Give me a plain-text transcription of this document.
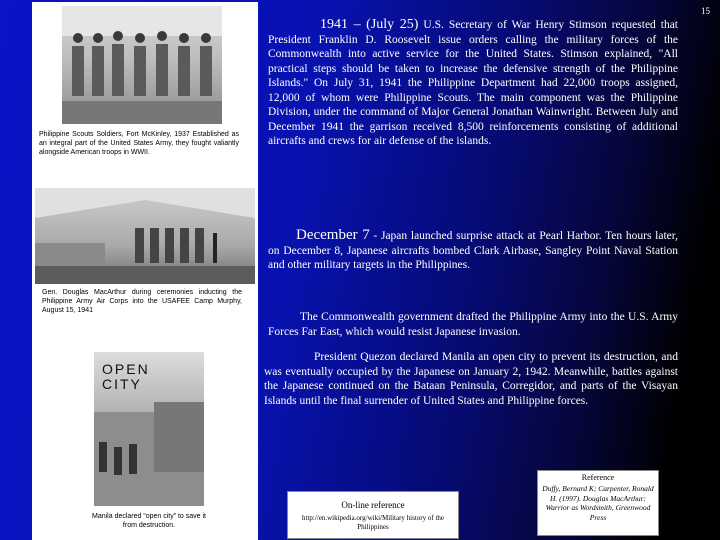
15
Philippine Scouts Soldiers, Fort McKinley, 1937 Established as an integral part of the United States Army, they fought valiantly alongside American troops in WWII.
Gen. Douglas MacArthur during ceremonies inducting the Philippine Army Air Corps into the USAFEE Camp Murphy, August 15, 1941
OPEN CITY
Manila declared “open city” to save it from destruction.
1941 – (July 25) U.S. Secretary of War Henry Stimson requested that President Franklin D. Roosevelt issue orders calling the military forces of the Commonwealth into active service for the United States. Stimson explained, "All practical steps should be taken to increase the defensive strength of the Philippine Islands." On July 31, 1941 the Philippine Department had 22,000 troops assigned, 12,000 of whom were Philippine Scouts. The main component was the Philippine Division, under the command of Major General Jonathan Wainwright. Between July and December 1941 the garrison received 8,500 reinforcements consisting of additional aircrafts and crews for air defense of the islands.
December 7 - Japan launched surprise attack at Pearl Harbor. Ten hours later, on December 8, Japanese aircrafts bombed Clark Airbase, Sangley Point Naval Station and other military targets in the Philippines.
The Commonwealth government drafted the Philippine Army into the U.S. Army Forces Far East, which would resist Japanese invasion.
President Quezon declared Manila an open city to prevent its destruction, and was eventually occupied by the Japanese on January 2, 1942. Meanwhile, battles against the Japanese continued on the Bataan Peninsula, Corregidor, and parts of the Visayan Islands until the final surrender of United States and Philippine forces.
On-line reference
http://en.wikipedia.org/wiki/Military history of the Philippines
Reference
Duffy, Bernard K; Carpenter, Ronald H. (1997). Douglas MacArthur: Warrior as Wordsmith, Greenwood Press
